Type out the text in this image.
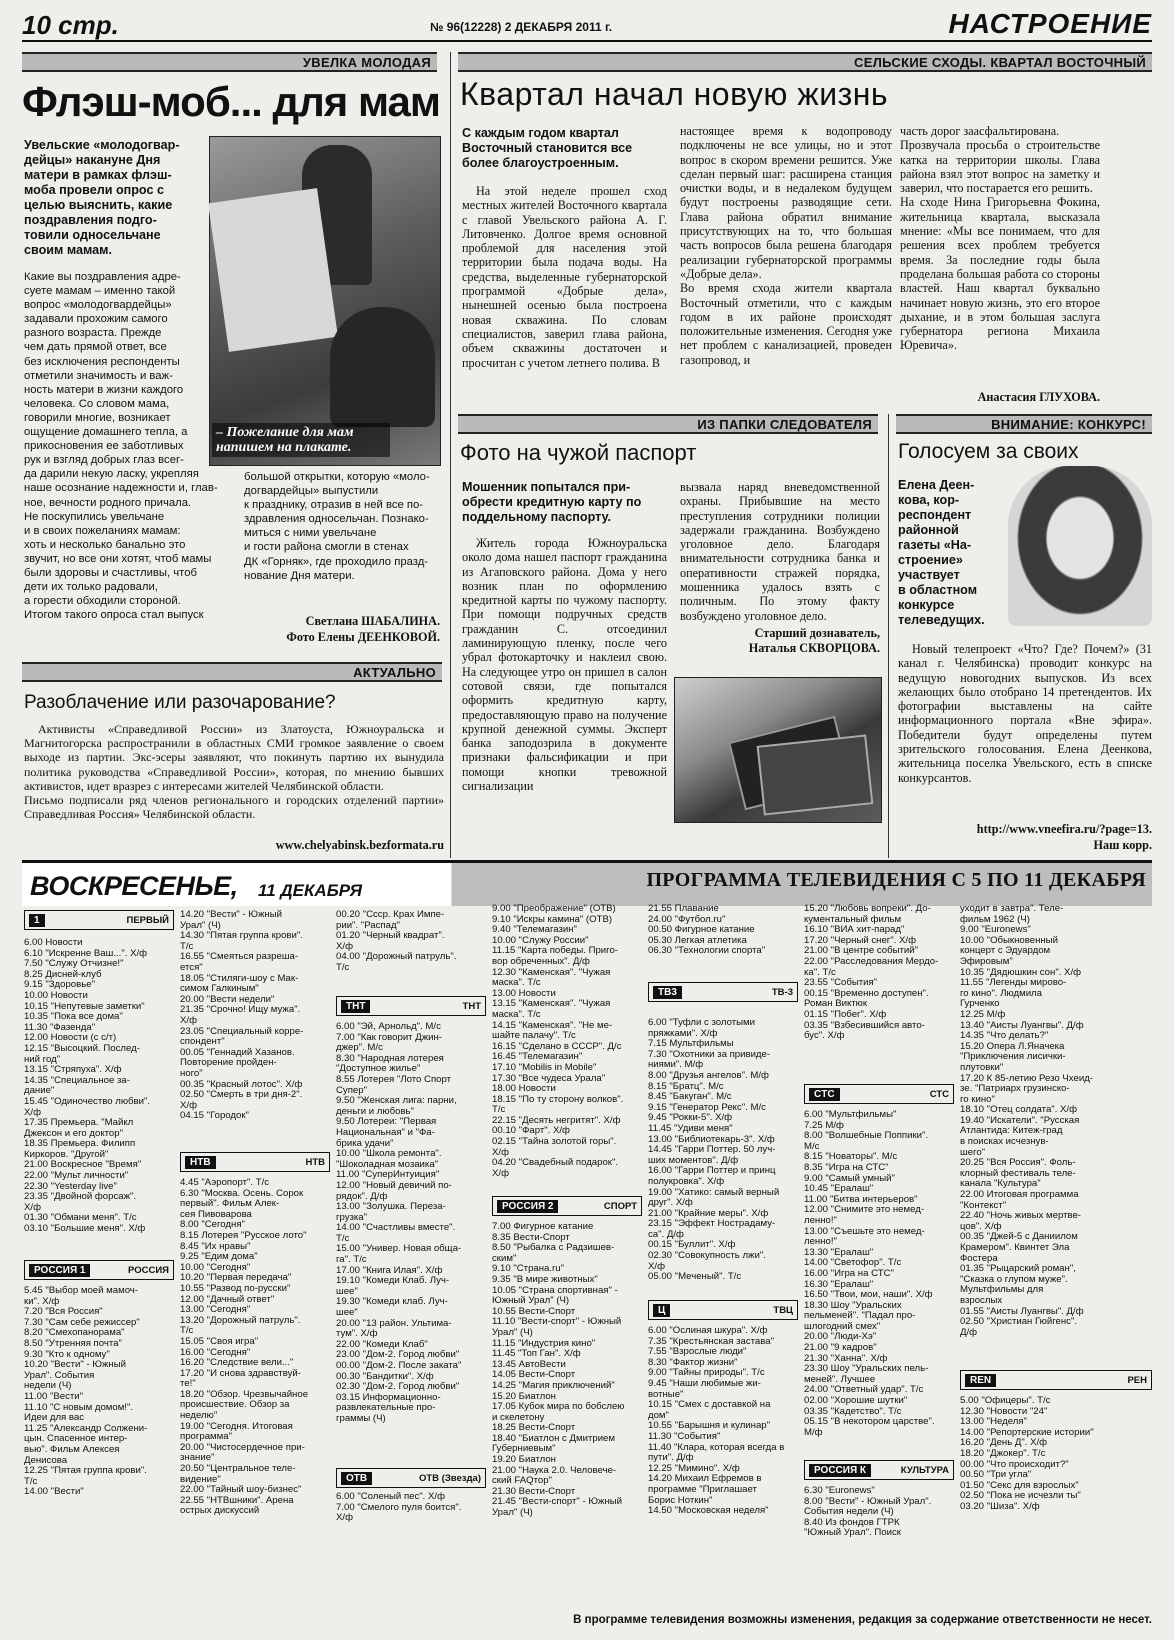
10 стр.	№ 96(12228) 2 ДЕКАБРЯ 2011 г.	НАСТРОЕНИЕ
УВЕЛКА МОЛОДАЯ
Флэш-моб... для мам
Увельские «молодогвар-
дейцы» накануне Дня
матери в рамках флэш-
моба провели опрос с
целью выяснить, какие
поздравления подго-
товили односельчане
своим мамам.
– Пожелание для мам
напишем на плакате.
Какие вы поздравления адре-
суете мамам – именно такой
вопрос «молодогвардейцы»
задавали прохожим самого
разного возраста. Прежде
чем дать прямой ответ, все
без исключения респонденты
отметили значимость и важ-
ность матери в жизни каждого
человека. Со словом мама,
говорили многие, возникает
ощущение домашнего тепла, а
прикосновения ее заботливых
рук и взгляд добрых глаз всег-
да дарили некую ласку, укрепляя
наше осознание надежности и, глав-
ное, вечности родного причала.
Не поскупились увельчане
и в своих пожеланиях мамам:
хоть и несколько банально это
звучит, но все они хотят, чтоб мамы
были здоровы и счастливы, чтоб
дети их только радовали,
а горести обходили стороной.
Итогом такого опроса стал выпуск
большой открытки, которую «моло-
догвардейцы» выпустили
к празднику, отразив в ней все по-
здравления односельчан. Познако-
миться с ними увельчане
и гости района смогли в стенах
ДК «Горняк», где проходило празд-
нование Дня матери.
Светлана ШАБАЛИНА.
Фото Елены ДЕЕНКОВОЙ.
АКТУАЛЬНО
Разоблачение или разочарование?
Активисты «Справедливой России» из Златоуста, Южноуральска и Магнитогорска распространили в областных СМИ громкое заявление о своем выходе из партии. Экс-эсеры заявляют, что покинуть партию их вынудила политика руководства «Справедливой России», которая, по мнению бывших активистов, идет вразрез с интересами жителей Челябинской области.
Письмо подписали ряд членов регионального и городских отделений партии» Справедливая Россия» Челябинской области.
www.chelyabinsk.bezformata.ru
СЕЛЬСКИЕ СХОДЫ. КВАРТАЛ ВОСТОЧНЫЙ
Квартал начал новую жизнь
С каждым годом квартал
Восточный становится все
более благоустроенным.
На этой неделе прошел сход местных жителей Восточного квартала с главой Увельского района А. Г. Литовченко. Долгое время основной проблемой для населения этой территории была подача воды. На средства, выделенные губернаторской программой «Добрые дела», нынешней осенью была построена новая скважина. По словам специалистов, заверил глава района, объем скважины достаточен и просчитан с учетом летнего полива. В
настоящее время к водопроводу подключены не все улицы, но и этот вопрос в скором времени решится. Уже сделан первый шаг: расширена станция очистки воды, и в недалеком будущем будут построены разводящие сети. Глава района обратил внимание присутствующих на то, что большая часть вопросов была решена благодаря реализации губернаторской программы «Добрые дела».
Во время схода жители квартала Восточный отметили, что с каждым годом в их районе происходят положительные изменения. Сегодня уже нет проблем с канализацией, проведен газопровод, и
часть дорог заасфальтирована.
Прозвучала просьба о строительстве катка на территории школы. Глава района взял этот вопрос на заметку и заверил, что постарается его решить.
На сходе Нина Григорьевна Фокина, жительница квартала, высказала мнение: «Мы все понимаем, что для решения всех проблем требуется время. За последние годы была проделана большая работа со стороны властей. Наш квартал буквально начинает новую жизнь, это его второе дыхание, и в этом большая заслуга губернатора региона Михаила Юревича».
Анастасия ГЛУХОВА.
ИЗ ПАПКИ СЛЕДОВАТЕЛЯ
Фото на чужой паспорт
Мошенник попытался при-
обрести кредитную карту по
поддельному паспорту.
Житель города Южноуральска около дома нашел паспорт гражданина из Агаповского района. Дома у него возник план по оформлению кредитной карты по чужому паспорту. При помощи подручных средств гражданин С. отсоединил ламинирующую пленку, после чего убрал фотокарточку и наклеил свою. На следующее утро он пришел в салон сотовой связи, где попытался оформить кредитную карту, предоставляющую право на получение крупной денежной суммы. Эксперт банка заподозрила в документе признаки фальсификации и при помощи кнопки тревожной сигнализации
вызвала наряд вневедомственной охраны. Прибывшие на место преступления сотрудники полиции задержали гражданина. Возбуждено уголовное дело. Благодаря внимательности сотрудника банка и оперативности стражей порядка, мошенника удалось взять с поличным. По этому факту возбуждено уголовное дело.
Старший дознаватель,
Наталья СКВОРЦОВА.
ВНИМАНИЕ: КОНКУРС!
Голосуем за своих
Елена Деен-
кова, кор-
респондент
районной
газеты «На-
строение»
участвует
в областном
конкурсе
телеведущих.
Новый телепроект «Что? Где? Почем?» (31 канал г. Челябинска) проводит конкурс на ведущую новогодних выпусков. Из всех желающих было отобрано 14 претендентов. Их фотографии выставлены на сайте информационного портала «Вне эфира». Победители будут определены путем зрительского голосования. Елена Деенкова, жительница поселка Увельского, есть в списке конкурсантов.
http://www.vneefira.ru/?page=13.
Наш корр.
ВОСКРЕСЕНЬЕ, 11 ДЕКАБРЯ	ПРОГРАММА ТЕЛЕВИДЕНИЯ С 5 ПО 11 ДЕКАБРЯ
1	ПЕРВЫЙ
6.00 Новости
6.10 "Искренне Ваш...". Х/ф
7.50 "Служу Отчизне!"
8.25 Дисней-клуб
9.15 "Здоровье"
10.00 Новости
10.15 "Непутевые заметки"
10.35 "Пока все дома"
11.30 "Фазенда"
12.00 Новости (с с/т)
12.15 "Высоцкий. Послед-
ний год"
13.15 "Стряпуха". Х/ф
14.35 "Специальное за-
дание"
15.45 "Одиночество любви".
Х/ф
17.35 Премьера. "Майкл
Джексон и его доктор"
18.35 Премьера. Филипп
Киркоров. "Другой"
21.00 Воскресное "Время"
22.00 "Мульт личности"
22.30 "Yesterday live"
23.35 "Двойной форсаж".
Х/ф
01.30 "Обмани меня". Т/с
03.10 "Большие меня". Х/ф
РОССИЯ 1	РОССИЯ
5.45 "Выбор моей мамоч-
ки". Х/ф
7.20 "Вся Россия"
7.30 "Сам себе режиссер"
8.20 "Смехопанорама"
8.50 "Утренняя почта"
9.30 "Кто к одному"
10.20 "Вести" - Южный
Урал". События
недели (Ч)
11.00 "Вести"
11.10 "С новым домом!".
Идеи для вас
11.25 "Александр Солжени-
цын. Спасенное интер-
вью". Фильм Алексея
Денисова
12.25 "Пятая группа крови".
Т/с
14.00 "Вести"
14.20 "Вести" - Южный
Урал" (Ч)
14.30 "Пятая группа крови".
Т/с
16.55 "Смеяться разреша-
ется"
18.05 "Стиляги-шоу с Мак-
симом Галкиным"
20.00 "Вести недели"
21.35 "Срочно! Ищу мужа".
Х/ф
23.05 "Специальный корре-
спондент"
00.05 "Геннадий Хазанов.
Повторение пройден-
ного"
00.35 "Красный лотос". Х/ф
02.50 "Смерть в три дня-2".
Х/ф
04.15 "Городок"
НТВ	НТВ
4.45 "Аэропорт". Т/с
6.30 "Москва. Осень. Сорок
первый". Фильм Алек-
сея Пивоварова
8.00 "Сегодня"
8.15 Лотерея "Русское лото"
8.45 "Их нравы"
9.25 "Едим дома"
10.00 "Сегодня"
10.20 "Первая передача"
10.55 "Развод по-русски"
12.00 "Дачный ответ"
13.00 "Сегодня"
13.20 "Дорожный патруль".
Т/с
15.05 "Своя игра"
16.00 "Сегодня"
16.20 "Следствие вели..."
17.20 "И снова здравствуй-
те!"
18.20 "Обзор. Чрезвычайное
происшествие. Обзор за
неделю"
19.00 "Сегодня. Итоговая
программа"
20.00 "Чистосердечное при-
знание"
20.50 "Центральное теле-
видение"
22.00 "Тайный шоу-бизнес"
22.55 "НТВшники". Арена
острых дискуссий
00.20 "Ссср. Крах Импе-
рии". "Распад"
01.20 "Черный квадрат".
Х/ф
04.00 "Дорожный патруль".
Т/с
ТНТ	ТНТ
6.00 "Эй, Арнольд". М/с
7.00 "Как говорит Джин-
джер". М/с
8.30 "Народная лотерея
"Доступное жилье"
8.55 Лотерея "Лото Спорт
Супер"
9.50 "Женская лига: парни,
деньги и любовь"
9.50 Лотереи: "Первая
Национальная" и "Фа-
брика удачи"
10.00 "Школа ремонта".
"Шоколадная мозаика"
11.00 "СуперИнтуиция"
12.00 "Новый девичий по-
рядок". Д/ф
13.00 "Золушка. Переза-
грузка"
14.00 "Счастливы вместе".
Т/с
15.00 "Универ. Новая обща-
га". Т/с
17.00 "Книга Илая". Х/ф
19.10 "Комеди Клаб. Луч-
шее"
19.30 "Комеди клаб. Луч-
шее"
20.00 "13 район. Ультима-
тум". Х/ф
22.00 "Комеди Клаб"
23.00 "Дом-2. Город любви"
00.00 "Дом-2. После заката"
00.30 "Бандитки". Х/ф
02.30 "Дом-2. Город любви"
03.15 Информационно-
развлекательные про-
граммы (Ч)
ОТВ	ОТВ (Звезда)
6.00 "Соленый пес". Х/ф
7.00 "Смелого пуля боится".
Х/ф
9.00 "Преображение" (ОТВ)
9.10 "Искры камина" (ОТВ)
9.40 "Телемагазин"
10.00 "Служу России"
11.15 "Карта победы. Приго-
вор обреченных". Д/ф
12.30 "Каменская". "Чужая
маска". Т/с
13.00 Новости
13.15 "Каменская". "Чужая
маска". Т/с
14.15 "Каменская". "Не ме-
шайте палачу". Т/с
16.15 "Сделано в СССР". Д/с
16.45 "Телемагазин"
17.10 "Mobilis in Mobile"
17.30 "Все чудеса Урала"
18.00 Новости
18.15 "По ту сторону волков".
Т/с
22.15 "Десять негритят". Х/ф
00.10 "Фарт". Х/ф
02.15 "Тайна золотой горы".
Х/ф
04.20 "Свадебный подарок".
Х/ф
РОССИЯ 2	СПОРТ
7.00 Фигурное катание
8.35 Вести-Спорт
8.50 "Рыбалка с Радзишев-
ским"
9.10 "Страна.ru"
9.35 "В мире животных"
10.05 "Страна спортивная" -
Южный Урал" (Ч)
10.55 Вести-Спорт
11.10 "Вести-спорт" - Южный
Урал" (Ч)
11.15 "Индустрия кино"
11.45 "Топ Ган". Х/ф
13.45 АвтоВести
14.05 Вести-Спорт
14.25 "Магия приключений"
15.20 Биатлон
17.05 Кубок мира по бобслею
и скелетону
18.25 Вести-Спорт
18.40 "Биатлон с Дмитрием
Губерниевым"
19.20 Биатлон
21.00 "Наука 2.0. Человече-
ский FAQтор"
21.30 Вести-Спорт
21.45 "Вести-спорт" - Южный
Урал" (Ч)
21.55 Плавание
24.00 "Футбол.ru"
00.50 Фигурное катание
05.30 Легкая атлетика
06.30 "Технологии спорта"
ТВ3	ТВ-3
6.00 "Туфли с золотыми
пряжками". Х/ф
7.15 Мультфильмы
7.30 "Охотники за привиде-
ниями". М/ф
8.00 "Друзья ангелов". М/ф
8.15 "Братц". М/с
8.45 "Бакуган". М/с
9.15 "Генератор Рекс". М/с
9.45 "Рокки-5". Х/ф
11.45 "Удиви меня"
13.00 "Библиотекарь-3". Х/ф
14.45 "Гарри Поттер. 50 луч-
ших моментов". Д/ф
16.00 "Гарри Поттер и принц
полукровка". Х/ф
19.00 "Хатико: самый верный
друг". Х/ф
21.00 "Крайние меры". Х/ф
23.15 "Эффект Нострадаму-
са". Д/ф
00.15 "Буллит". Х/ф
02.30 "Совокупность лжи".
Х/ф
05.00 "Меченый". Т/с
Ц	ТВЦ
6.00 "Ослиная шкура". Х/ф
7.35 "Крестьянская застава"
7.55 "Взрослые люди"
8.30 "Фактор жизни"
9.00 "Тайны природы". Т/с
9.45 "Наши любимые жи-
вотные"
10.15 "Смех с доставкой на
дом"
10.55 "Барышня и кулинар"
11.30 "События"
11.40 "Клара, которая всегда в
пути". Д/ф
12.25 "Мимино". Х/ф
14.20 Михаил Ефремов в
программе "Приглашает
Борис Ноткин"
14.50 "Московская неделя"
15.20 "Любовь вопреки". До-
кументальный фильм
16.10 "ВИА хит-парад"
17.20 "Черный снег". Х/ф
21.00 "В центре событий"
22.00 "Расследования Мердо-
ка". Т/с
23.55 "События"
00.15 "Временно доступен".
Роман Виктюк
01.15 "Побег". Х/ф
03.35 "Взбесившийся авто-
бус". Х/ф
CTC	СТС
6.00 "Мультфильмы"
7.25 М/ф
8.00 "Волшебные Поппики".
М/с
8.15 "Новаторы". М/с
8.35 "Игра на СТС"
9.00 "Самый умный"
10.45 "Ералаш"
11.00 "Битва интерьеров"
12.00 "Снимите это немед-
ленно!"
13.00 "Съешьте это немед-
ленно!"
13.30 "Ералаш"
14.00 "Светофор". Т/с
16.00 "Игра на СТС"
16.30 "Ералаш"
16.50 "Твои, мои, наши". Х/ф
18.30 Шоу "Уральских
пельменей". "Падал про-
шлогодний смех"
20.00 "Люди-Хэ"
21.00 "9 кадров"
21.30 "Ханна". Х/ф
23.30 Шоу "Уральских пель-
меней". Лучшее
24.00 "Ответный удар". Т/с
02.00 "Хорошие шутки"
03.35 "Кадетство". Т/с
05.15 "В некотором царстве".
М/ф
РОССИЯ К	КУЛЬТУРА
6.30 "Euronews"
8.00 "Вести" - Южный Урал".
События недели (Ч)
8.40 Из фондов ГТРК
"Южный Урал". Поиск
уходит в завтра". Теле-
фильм 1962 (Ч)
9.00 "Euronews"
10.00 "Обыкновенный
концерт с Эдуардом
Эфировым"
10.35 "Дядюшкин сон". Х/ф
11.55 "Легенды мирово-
го кино". Людмила
Гурченко
12.25 М/ф
13.40 "Аисты Луангвы". Д/ф
14.35 "Что делать?"
15.20 Опера Л.Яначека
"Приключения лисички-
плутовки"
17.20 К 85-летию Резо Чхеид-
зе. "Патриарх грузинско-
го кино"
18.10 "Отец солдата". Х/ф
19.40 "Искатели". "Русская
Атлантида: Китеж-град
в поисках исчезнув-
шего"
20.25 "Вся Россия". Фоль-
клорный фестиваль теле-
канала "Культура"
22.00 Итоговая программа
"Контекст"
22.40 "Ночь живых мертве-
цов". Х/ф
00.35 "Джей-5 с Даниилом
Крамером". Квинтет Эла
Фостера
01.35 "Рыцарский роман",
"Сказка о глупом муже".
Мультфильмы для
взрослых
01.55 "Аисты Луангвы". Д/ф
02.50 "Христиан Гюйгенс".
Д/ф
REN	РЕН
5.00 "Офицеры". Т/с
12.30 "Новости "24"
13.00 "Неделя"
14.00 "Репортерские истории"
16.20 "День Д". Х/ф
18.20 "Джокер". Т/с
00.00 "Что происходит?"
00.50 "Три угла"
01.50 "Секс для взрослых"
02.50 "Пока не исчезли ты"
03.20 "Шиза". Х/ф
В программе телевидения возможны изменения, редакция за содержание ответственности не несет.
